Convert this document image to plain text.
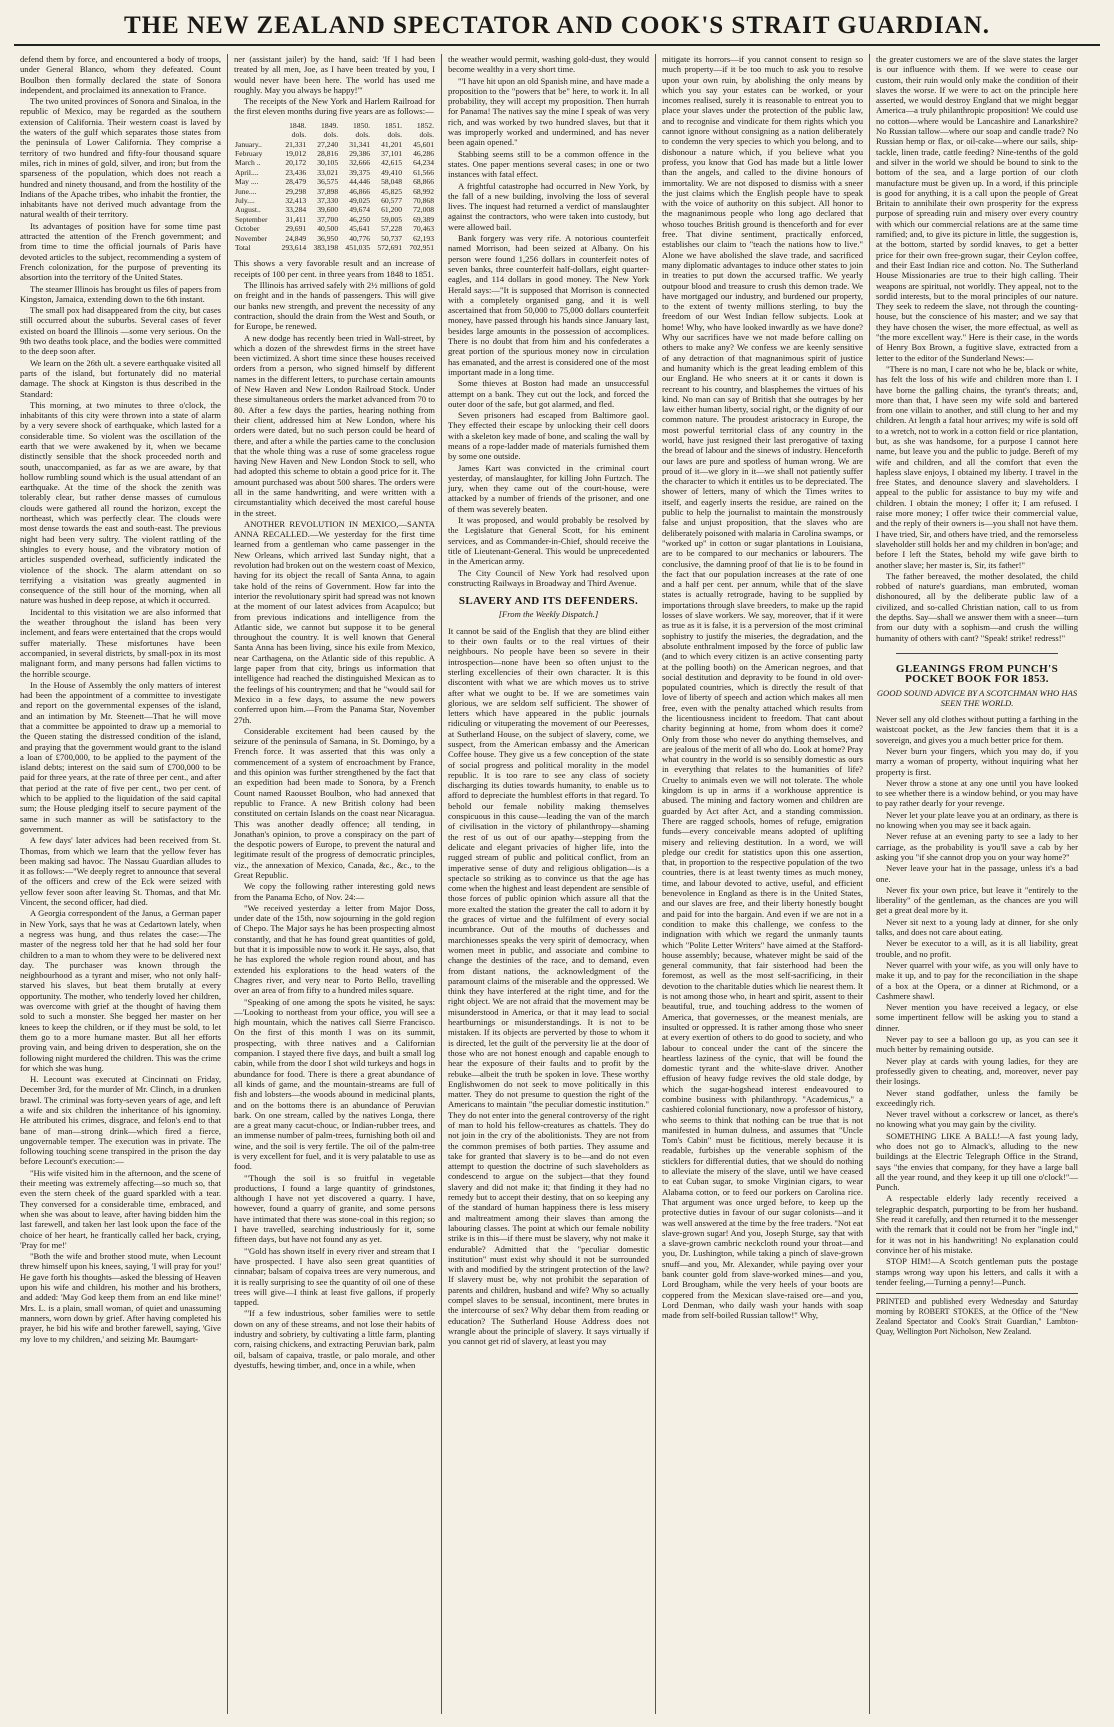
THE NEW ZEALAND SPECTATOR AND COOK'S STRAIT GUARDIAN.

defend them by force, and encountered a body of troops, under General Blanco, whom they defeated. Count Boulbon then formally declared the state of Sonora independent, and proclaimed its annexation to France.

The two united provinces of Sonora and Sinaloa, in the republic of Mexico, may be regarded as the southern extension of California. Their western coast is laved by the waters of the gulf which separates those states from the peninsula of Lower California. They comprise a territory of two hundred and fifty-four thousand square miles, rich in mines of gold, silver, and iron; but from the sparseness of the population, which does not reach a hundred and ninety thousand, and from the hostility of the Indians of the Apache tribes, who inhabit the frontier, the inhabitants have not derived much advantage from the natural wealth of their territory.

Its advantages of position have for some time past attracted the attention of the French government; and from time to time the official journals of Paris have devoted articles to the subject, recommending a system of French colonization, for the purpose of preventing its absortion into the territory of the United States.

The steamer Illinois has brought us files of papers from Kingston, Jamaica, extending down to the 6th instant.

The small pox had disappeared from the city, but cases still occurred about the suburbs. Several cases of fever existed on board the Illinois —some very serious. On the 9th two deaths took place, and the bodies were committed to the deep soon after.

We learn on the 26th ult. a severe earthquake visited all parts of the island, but fortunately did no material damage. The shock at Kingston is thus described in the Standard:

This morning, at two minutes to three o'clock, the inhabitants of this city were thrown into a state of alarm by a very severe shock of earthquake, which lasted for a considerable time. So violent was the oscillation of the earth that we were awakened by it, when we became distinctly sensible that the shock proceeded north and south, unaccompanied, as far as we are aware, by that hollow rumbling sound which is the usual attendant of an earthquake. At the time of the shock the zenith was tolerably clear, but rather dense masses of cumulous clouds were gathered all round the horizon, except the northeast, which was perfectly clear. The clouds were most dense towards the east and south-east. The previous night had been very sultry. The violent rattling of the shingles to every house, and the vibratory motion of articles suspended overhead, sufficiently indicated the violence of the shock. The alarm attendant on so terrifying a visitation was greatly augmented in consequence of the still hour of the morning, when all nature was hushed in deep repose, at which it occurred.

Incidental to this visitation we are also informed that the weather throughout the island has been very inclement, and fears were entertained that the crops would suffer materially. These misfortunes have been accompanied, in several districts, by small-pox in its most malignant form, and many persons had fallen victims to the horrible scourge.

In the House of Assembly the only matters of interest had been the appointment of a committee to investigate and report on the governmental expenses of the island, and an intimation by Mr. Steenett—That he will move that a committee be appointed to draw up a memorial to the Queen stating the distressed condition of the island, and praying that the government would grant to the island a loan of £700,000, to be applied to the payment of the island debts; interest on the said sum of £700,000 to be paid for three years, at the rate of three per cent., and after that period at the rate of five per cent., two per cent. of which to be applied to the liquidation of the said capital sum; the House pledging itself to secure payment of the same in such manner as will be satisfactory to the government.

A few days' later advices had been received from St. Thomas, from which we learn that the yellow fever has been making sad havoc. The Nassau Guardian alludes to it as follows:—"We deeply regret to announce that several of the officers and crew of the Eck were seized with yellow fever soon after leaving St. Thomas, and that Mr. Vincent, the second officer, had died.

A Georgia correspondent of the Janus, a German paper in New York, says that he was at Cedartown lately, when a negress was hung, and thus relates the case:—The master of the negress told her that he had sold her four children to a man to whom they were to be delivered next day. The purchaser was known through the neighbourhood as a tyrant and miser, who not only half-starved his slaves, but beat them brutally at every opportunity. The mother, who tenderly loved her children, was overcome with grief at the thought of having them sold to such a monster. She begged her master on her knees to keep the children, or if they must be sold, to let them go to a more humane master. But all her efforts proving vain, and being driven to desperation, she on the following night murdered the children. This was the crime for which she was hung.

H. Lecount was executed at Cincinnati on Friday, December 3rd, for the murder of Mr. Clinch, in a drunken brawl. The criminal was forty-seven years of age, and left a wife and six children the inheritance of his ignominy. He attributed his crimes, disgrace, and felon's end to that bane of man—strong drink—which fired a fierce, ungovernable temper. The execution was in private. The following touching scene transpired in the prison the day before Lecount's execution:—

"His wife visited him in the afternoon, and the scene of their meeting was extremely affecting—so much so, that even the stern cheek of the guard sparkled with a tear. They conversed for a considerable time, embraced, and when she was about to leave, after having bidden him the last farewell, and taken her last look upon the face of the choice of her heart, he frantically called her back, crying, 'Pray for me!'

"Both the wife and brother stood mute, when Lecount threw himself upon his knees, saying, 'I will pray for you!' He gave forth his thoughts—asked the blessing of Heaven upon his wife and children, his mother and his brothers, and added: 'May God keep them from an end like mine!' Mrs. L. is a plain, small woman, of quiet and unassuming manners, worn down by grief. After having completed his prayer, he bid his wife and brother farewell, saying, 'Give my love to my children,' and seizing Mr. Baumgart-

ner (assistant jailer) by the hand, said: 'If I had been treated by all men, Joe, as I have been treated by you, I would never have been here. The world has used me roughly. May you always be happy!'"

The receipts of the New York and Harlem Railroad for the first eleven months during five years are as follows:—

	1848.	1849.	1850.	1851.	1852.
	dols.	dols.	dols.	dols.	dols.
January..	21,331	27,240	31,341	41,201	45,601
February	19,012	28,816	29,386	37,101	46,286
March ..	20,172	30,105	32,666	42,615	64,234
April....	23,436	33,021	39,375	49,410	61,566
May ....	28,479	36,575	44,446	58,048	68,866
June....	29,298	37,898	46,866	45,825	68,992
July....	32,413	37,330	49,025	60,577	70,868
August..	33,284	39,600	49,674	61,200	72,008
September	31,411	37,700	46,250	59,005	69,389
October	29,691	40,500	45,641	57,228	70,463
November	24,849	36,950	40,776	50,737	62,193
Total	293,614	383,198	451,035	572,691	702,951

This shows a very favorable result and an increase of receipts of 100 per cent. in three years from 1848 to 1851.

The Illinois has arrived safely with 2½ millions of gold on freight and in the hands of passengers. This will give our banks new strength, and prevent the necessity of any contraction, should the drain from the West and South, or for Europe, be renewed.

A new dodge has recently been tried in Wall-street, by which a dozen of the shrewdest firms in the street have been victimized. A short time since these houses received orders from a person, who signed himself by different names in the different letters, to purchase certain amounts of New Haven and New London Railroad Stock. Under these simultaneous orders the market advanced from 70 to 80. After a few days the parties, hearing nothing from their client, addressed him at New London, where his orders were dated, but no such person could be heard of there, and after a while the parties came to the conclusion that the whole thing was a ruse of some graceless rogue having New Haven and New London Stock to sell, who had adopted this scheme to obtain a good price for it. The amount purchased was about 500 shares. The orders were all in the same handwriting, and were written with a circumstantiality which deceived the most careful house in the street.

ANOTHER REVOLUTION IN MEXICO,—SANTA ANNA RECALLED.—We yesterday for the first time learned from a gentleman who came passenger in the New Orleans, which arrived last Sunday night, that a revolution had broken out on the western coast of Mexico, having for its object the recall of Santa Anna, to again take hold of the reins of Government. How far into the interior the revolutionary spirit had spread was not known at the moment of our latest advices from Acapulco; but from previous indications and intelligence from the Atlantic side, we cannot but suppose it to be general throughout the country. It is well known that General Santa Anna has been living, since his exile from Mexico, near Carthagena, on the Atlantic side of this republic. A large paper from that city, brings us information that intelligence had reached the distinguished Mexican as to the feelings of his countrymen; and that he "would sail for Mexico in a few days, to assume the new powers conferred upon him.—From the Panama Star, November 27th.

Considerable excitement had been caused by the seizure of the peninsula of Samana, in St. Domingo, by a French force. It was asserted that this was only a commencement of a system of encroachment by France, and this opinion was further strengthened by the fact that an expedition had been made to Sonora, by a French Count named Raousset Boulbon, who had annexed that republic to France. A new British colony had been constituted on certain Islands on the coast near Nicaragua. This was another deadly offence; all tending, in Jonathan's opinion, to prove a conspiracy on the part of the despotic powers of Europe, to prevent the natural and legitimate result of the progress of democratic principles, viz., the annexation of Mexico, Canada, &c., &c., to the Great Republic.

We copy the following rather interesting gold news from the Panama Echo, of Nov. 24:—

"We received yesterday a letter from Major Doss, under date of the 15th, now sojourning in the gold region of Chepo. The Major says he has been prospecting almost constantly, and that he has found great quantities of gold, but that it is impossible now to work it. He says, also, that he has explored the whole region round about, and has extended his explorations to the head waters of the Chagres river, and very near to Porto Bello, travelling over an area of from fifty to a hundred miles square.

"Speaking of one among the spots he visited, he says:—'Looking to northeast from your office, you will see a high mountain, which the natives call Sierre Francisco. On the first of this month I was on its summit, prospecting, with three natives and a Californian companion. I stayed there five days, and built a small log cabin, while from the door I shot wild turkeys and hogs in abundance for food. There is there a great abundance of all kinds of game, and the mountain-streams are full of fish and lobsters—the woods abound in medicinal plants, and on the bottoms there is an abundance of Peruvian bark. On one stream, called by the natives Longa, there are a great many cacut-chouc, or Indian-rubber trees, and an immense number of palm-trees, furnishing both oil and wine, and the soil is very fertile. The oil of the palm-tree is very excellent for fuel, and it is very palatable to use as food.

"'Though the soil is so fruitful in vegetable productions, I found a large quantity of grindstones, although I have not yet discovered a quarry. I have, however, found a quarry of granite, and some persons have intimated that there was stone-coal in this region; so I have travelled, searching industriously for it, some fifteen days, but have not found any as yet.

"'Gold has shown itself in every river and stream that I have prospected. I have also seen great quantities of cinnabar; balsam of copaiva trees are very numerous, and it is really surprising to see the quantity of oil one of these trees will give—I think at least five gallons, if properly tapped.

"'If a few industrious, sober families were to settle down on any of these streams, and not lose their habits of industry and sobriety, by cultivating a little farm, planting corn, raising chickens, and extracting Peruvian bark, palm oil, balsam of capaiva, trastle, or palo morale, and other dyestuffs, hewing timber, and, once in a while, when

the weather would permit, washing gold-dust, they would become wealthy in a very short time.

"'I have hit upon an old Spanish mine, and have made a proposition to the "powers that be" here, to work it. In all probability, they will accept my proposition. Then hurrah for Panama! The natives say the mine I speak of was very rich, and was worked by two hundred slaves, but that it was improperly worked and undermined, and has never been again opened."

Stabbing seems still to be a common offence in the states. One paper mentions several cases; in one or two instances with fatal effect.

A frightful catastrophe had occurred in New York, by the fall of a new building, involving the loss of several lives. The inquest had returned a verdict of manslaughter against the contractors, who were taken into custody, but were allowed bail.

Bank forgery was very rife. A notorious counterfeit named Morrison, had been seized at Albany. On his person were found 1,256 dollars in counterfeit notes of seven banks, three counterfeit half-dollars, eight quarter-eagles, and 114 dollars in good money. The New York Herald says:—"It is supposed that Morrison is connected with a completely organised gang, and it is well ascertained that from 50,000 to 75,000 dollars counterfeit money, have passed through his hands since January last, besides large amounts in the possession of accomplices. There is no doubt that from him and his confederates a great portion of the spurious money now in circulation has emanated, and the arrest is considered one of the most important made in a long time.

Some thieves at Boston had made an unsuccessful attempt on a bank. They cut out the lock, and forced the outer door of the safe, but got alarmed, and fled.

Seven prisoners had escaped from Baltimore gaol. They effected their escape by unlocking their cell doors with a skeleton key made of bone, and scaling the wall by means of a rope-ladder made of materials furnished them by some one outside.

James Kart was convicted in the criminal court yesterday, of manslaughter, for killing John Furtzch. The jury, when they came out of the court-house, were attacked by a number of friends of the prisoner, and one of them was severely beaten.

It was proposed, and would probably be resolved by the Legislature that General Scott, for his eminent services, and as Commander-in-Chief, should receive the title of Lieutenant-General. This would be unprecedented in the American army.

The City Council of New York had resolved upon constructing Railways in Broadway and Third Avenue.

SLAVERY AND ITS DEFENDERS.
[From the Weekly Dispatch.]

It cannot be said of the English that they are blind either to their own faults or to the real virtues of their neighbours. No people have been so severe in their introspection—none have been so often unjust to the sterling excellencies of their own character. It is this discontent with what we are which moves us to strive after what we ought to be. If we are sometimes vain glorious, we are seldom self sufficient. The shower of letters which have appeared in the public journals ridiculing or vituperating the movement of our Peeresses, at Sutherland House, on the subject of slavery, come, we suspect, from the American embassy and the American Coffee house. They give us a few conception of the state of social progress and political morality in the model republic. It is too rare to see any class of society discharging its duties towards humanity, to enable us to afford to depreciate the humblest efforts in that regard. To behold our female nobility making themselves conspicuous in this cause—leading the van of the march of civilisation in the victory of philanthropy—shaming the rest of us out of our apathy—stepping from the delicate and elegant privacies of higher life, into the rugged stream of public and political conflict, from an imperative sense of duty and religious obligation—is a spectacle so striking as to convince us that the age has come when the highest and least dependent are sensible of those forces of public opinion which assure all that the more exalted the station the greater the call to adorn it by the graces of virtue and the fulfilment of every social incumbrance. Out of the mouths of duchesses and marchionesses speaks the very spirit of democracy, when women meet in public, and associate and combine to change the destinies of the race, and to demand, even from distant nations, the acknowledgment of the paramount claims of the miserable and the oppressed. We think they have interfered at the right time, and for the right object. We are not afraid that the movement may be misunderstood in America, or that it may lead to social heartburnings or misunderstandings. It is not to be mistaken. If its objects are perverted by those to whom it is directed, let the guilt of the perversity lie at the door of those who are not honest enough and capable enough to hear the exposure of their faults and to profit by the rebuke—albeit the truth be spoken in love. These worthy Englishwomen do not seek to move politically in this matter. They do not presume to question the right of the Americans to maintain "the peculiar domestic institution." They do not enter into the general controversy of the right of man to hold his fellow-creatures as chattels. They do not join in the cry of the abolitionists. They are not from the common premises of both parties. They assume and take for granted that slavery is to be—and do not even attempt to question the doctrine of such slaveholders as condescend to argue on the subject—that they found slavery and did not make it; that finding it they had no remedy but to accept their destiny, that on so keeping any of the standard of human happiness there is less misery and maltreatment among their slaves than among the labouring classes. The point at which our female nobility strike is in this—if there must be slavery, why not make it endurable? Admitted that the "peculiar domestic institution" must exist why should it not be surrounded with and modified by the stringent protection of the law? If slavery must be, why not prohibit the separation of parents and children, husband and wife? Why so actually compel slaves to be sensual, incontinent, mere brutes in the intercourse of sex? Why debar them from reading or education? The Sutherland House Address does not wrangle about the principle of slavery. It says virtually if you cannot get rid of slavery, at least you may

mitigate its horrors—if you cannot consent to resign so much property—if it be too much to ask you to resolve upon your own ruin, by abolishing the only means by which you say your estates can be worked, or your incomes realised, surely it is reasonable to entreat you to place your slaves under the protection of the public law, and to recognise and vindicate for them rights which you cannot ignore without consigning as a nation deliberately to condemn the very species to which you belong, and to dishonour a nature which, if you believe what you profess, you know that God has made but a little lower than the angels, and called to the divine honours of immortality. We are not disposed to dismiss with a sneer the just claims which the English people have to speak with the voice of authority on this subject. All honor to the magnanimous people who long ago declared that whoso touches British ground is thenceforth and for ever free. That divine sentiment, practically enforced, establishes our claim to "teach the nations how to live." Alone we have abolished the slave trade, and sacrificed many diplomatic advantages to induce other states to join in treaties to put down the accursed traffic. We yearly outpour blood and treasure to crush this demon trade. We have mortgaged our industry, and burdened our property, to the extent of twenty millions sterling, to buy the freedom of our West Indian fellow subjects. Look at home! Why, who have looked inwardly as we have done? Why our sacrifices have we not made before calling on others to make any? We confess we are keenly sensitive of any detraction of that magnanimous spirit of justice and humanity which is the great leading emblem of this our England. He who sneers at it or cants it down is recreant to his country, and blasphemes the virtues of his kind. No man can say of British that she outrages by her law either human liberty, social right, or the dignity of our common nature. The proudest aristocracy in Europe, the most powerful territorial class of any country in the world, have just resigned their last prerogative of taxing the bread of labour and the sinews of industry. Henceforth our laws are pure and spotless of human wrong. We are proud of it—we glory in it—we shall not patiently suffer the character to which it entitles us to be depreciated. The shower of letters, many of which the Times writes to itself, and eagerly inserts the residue, are rained on the public to help the journalist to maintain the monstrously false and unjust proposition, that the slaves who are deliberately poisoned with malaria in Carolina swamps, or "worked up" in cotton or sugar plantations in Louisiana, are to be compared to our mechanics or labourers. The conclusive, the damning proof of that lie is to be found in the fact that our population increases at the rate of one and a half per cent. per annum, while that of the slave states is actually retrograde, having to be supplied by importations through slave breeders, to make up the rapid losses of slave workers. We say, moreover, that if it were as true as it is false, it is a perversion of the most criminal sophistry to justify the miseries, the degradation, and the absolute enthralment imposed by the force of public law (and to which every citizen is an active consenting party at the polling booth) on the American negroes, and that social destitution and depravity to be found in old over-populated countries, which is directly the result of that love of liberty of speech and action which makes all men free, even with the penalty attached which results from the licentiousness incident to freedom. That cant about charity beginning at home, from whom does it come? Only from those who never do anything themselves, and are jealous of the merit of all who do. Look at home? Pray what country in the world is so sensibly domestic as ours in everything that relates to the humanities of life? Cruelty to animals even we will not tolerate. The whole kingdom is up in arms if a workhouse apprentice is abused. The mining and factory women and children are guarded by Act after Act, and a standing commission. There are ragged schools, homes of refuge, emigration funds—every conceivable means adopted of uplifting misery and relieving destitution. In a word, we will pledge our credit for statistics upon this one assertion, that, in proportion to the respective population of the two countries, there is at least twenty times as much money, time, and labour devoted to active, useful, and efficient benevolence in England as there is in the United States, and our slaves are free, and their liberty honestly bought and paid for into the bargain. And even if we are not in a condition to make this challenge, we confess to the indignation with which we regard the unmanly taunts which "Polite Letter Writers" have aimed at the Stafford-house assembly; because, whatever might be said of the general community, that fair sisterhood had been the foremost, as well as the most self-sacrificing, in their devotion to the charitable duties which lie nearest them. It is not among those who, in heart and spirit, assent to their beautiful, true, and touching address to the women of America, that governesses, or the meanest menials, are insulted or oppressed. It is rather among those who sneer at every exertion of others to do good to society, and who labour to conceal under the cant of the sincere the heartless laziness of the cynic, that will be found the domestic tyrant and the white-slave driver. Another effusion of heavy fudge revives the old stale dodge, by which the sugar-hogshead interest endeavoured to combine business with philanthropy. "Academicus," a cashiered colonial functionary, now a professor of history, who seems to think that nothing can be true that is not manifested in human dulness, and assumes that "Uncle Tom's Cabin" must be fictitious, merely because it is readable, furbishes up the venerable sophism of the sticklers for differential duties, that we should do nothing to alleviate the misery of the slave, until we have ceased to eat Cuban sugar, to smoke Virginian cigars, to wear Alabama cotton, or to feed our porkers on Carolina rice. That argument was once urged before, to keep up the protective duties in favour of our sugar colonists—and it was well answered at the time by the free traders. "Not eat slave-grown sugar! And you, Joseph Sturge, say that with a slave-grown cambric neckcloth round your throat—and you, Dr. Lushington, while taking a pinch of slave-grown snuff—and you, Mr. Alexander, while paying over your bank counter gold from slave-worked mines—and you, Lord Brougham, while the very heels of your boots are coppered from the Mexican slave-raised ore—and you, Lord Denman, who daily wash your hands with soap made from self-boiled Russian tallow!" Why,

the greater customers we are of the slave states the larger is our influence with them. If we were to cease our custom, their ruin would only make the condition of their slaves the worse. If we were to act on the principle here asserted, we would destroy England that we might beggar America—a truly philanthropic proposition! We could use no cotton—where would be Lancashire and Lanarkshire? No Russian tallow—where our soap and candle trade? No Russian hemp or flax, or oil-cake—where our sails, ship-tackle, linen trade, cattle feeding? Nine-tenths of the gold and silver in the world we should be bound to sink to the bottom of the sea, and a large portion of our cloth manufacture must be given up. In a word, if this principle is good for anything, it is a call upon the people of Great Britain to annihilate their own prosperity for the express purpose of spreading ruin and misery over every country with which our commercial relations are at the same time ramified; and, to give its picture in little, the suggestion is, at the bottom, started by sordid knaves, to get a better price for their own free-grown sugar, their Ceylon coffee, and their East Indian rice and cotton. No. The Sutherland House Missionaries are true to their high calling. Their weapons are spiritual, not worldly. They appeal, not to the sordid interests, but to the moral principles of our nature. They seek to redeem the slave, not through the counting-house, but the conscience of his master; and we say that they have chosen the wiser, the more effectual, as well as "the more excellent way." Here is their case, in the words of Henry Box Brown, a fugitive slave, extracted from a letter to the editor of the Sunderland News:—

"There is no man, I care not who he be, black or white, has felt the loss of his wife and children more than I. I have borne the galling chains, the tyrant's threats; and, more than that, I have seen my wife sold and bartered from one villain to another, and still clung to her and my children. At length a fatal hour arrives; my wife is sold off to a wretch, not to work in a cotton field or rice plantation, but, as she was handsome, for a purpose I cannot here name, but leave you and the public to judge. Bereft of my wife and children, and all the comfort that even the hapless slave enjoys, I obtained my liberty. I travel in the free States, and denounce slavery and slaveholders. I appeal to the public for assistance to buy my wife and children. I obtain the money; I offer it; I am refused. I raise more money; I offer twice their commercial value, and the reply of their owners is—you shall not have them. I have tried, Sir, and others have tried, and the remorseless slaveholder still holds her and my children in bon'age; and before I left the States, behold my wife gave birth to another slave; her master is, Sir, its father!"

The father bereaved, the mother desolated, the child robbed of nature's guardians, man embruted, woman dishonoured, all by the deliberate public law of a civilized, and so-called Christian nation, call to us from the depths. Say—shall we answer them with a sneer—turn from our duty with a sophism—and crush the willing humanity of others with cant? "Speak! strike! redress!"

GLEANINGS FROM PUNCH'S POCKET BOOK FOR 1853.
GOOD SOUND ADVICE BY A SCOTCHMAN WHO HAS SEEN THE WORLD.

Never sell any old clothes without putting a farthing in the waistcoat pocket, as the Jew fancies them that it is a sovereign, and gives you a much better price for them.

Never burn your fingers, which you may do, if you marry a woman of property, without inquiring what her property is first.

Never throw a stone at any one until you have looked to see whether there is a window behind, or you may have to pay rather dearly for your revenge.

Never let your plate leave you at an ordinary, as there is no knowing when you may see it back again.

Never refuse at an evening party to see a lady to her carriage, as the probability is you'll save a cab by her asking you "if she cannot drop you on your way home?"

Never leave your hat in the passage, unless it's a bad one.

Never fix your own price, but leave it "entirely to the liberality" of the gentleman, as the chances are you will get a great deal more by it.

Never sit next to a young lady at dinner, for she only talks, and does not care about eating.

Never be executor to a will, as it is all liability, great trouble, and no profit.

Never quarrel with your wife, as you will only have to make it up, and to pay for the reconciliation in the shape of a box at the Opera, or a dinner at Richmond, or a Cashmere shawl.

Never mention you have received a legacy, or else some impertinent fellow will be asking you to stand a dinner.

Never pay to see a balloon go up, as you can see it much better by remaining outside.

Never play at cards with young ladies, for they are professedly given to cheating, and, moreover, never pay their losings.

Never stand godfather, unless the family be exceedingly rich.

Never travel without a corkscrew or lancet, as there's no knowing what you may gain by the civility.

SOMETHING LIKE A BALL!—A fast young lady, who does not go to Almack's, alluding to the new buildings at the Electric Telegraph Office in the Strand, says "the envies that company, for they have a large ball all the year round, and they keep it up till one o'clock!"—Punch.

A respectable elderly lady recently received a telegraphic despatch, purporting to be from her husband. She read it carefully, and then returned it to the messenger with the remark that it could not be from her "ingle ind," for it was not in his handwriting! No explanation could convince her of his mistake.

STOP HIM!—A Scotch gentleman puts the postage stamps wrong way upon his letters, and calls it with a tender feeling,—Turning a penny!—Punch.

PRINTED and published every Wednesday and Saturday morning by ROBERT STOKES, at the Office of the "New Zealand Spectator and Cook's Strait Guardian," Lambton-Quay, Wellington Port Nicholson, New Zealand.
